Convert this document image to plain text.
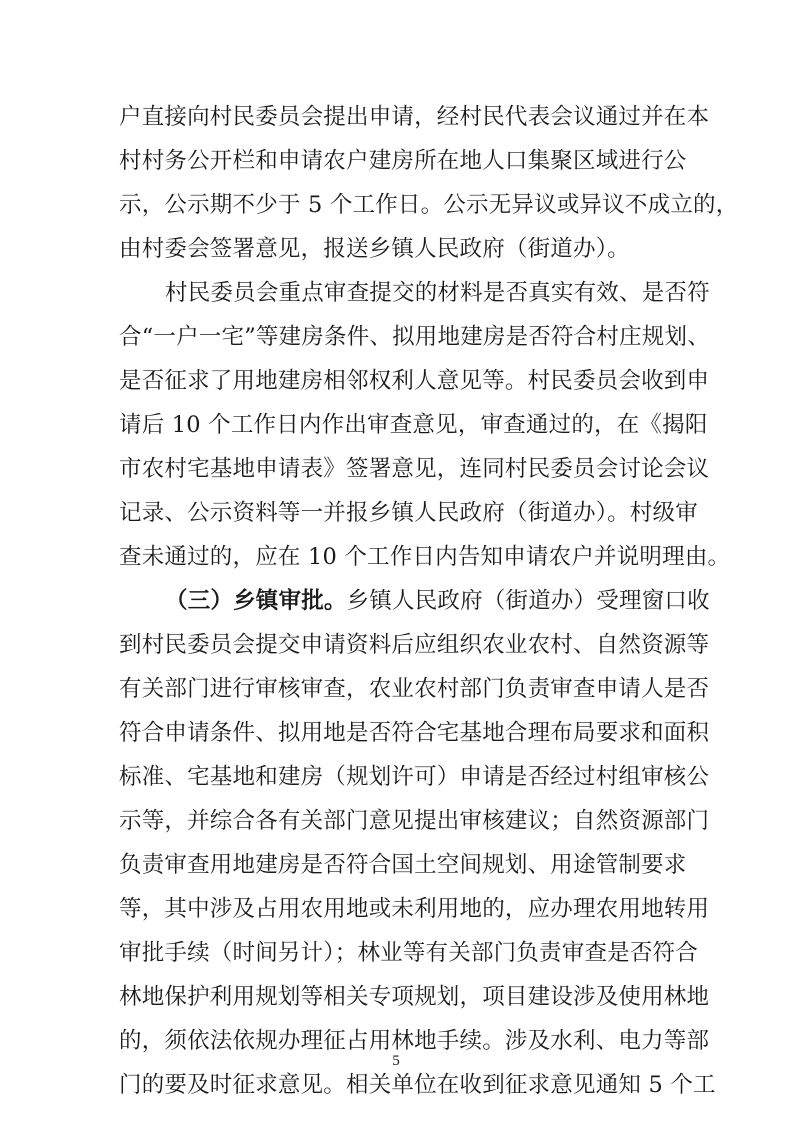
户直接向村民委员会提出申请，经村民代表会议通过并在本

村村务公开栏和申请农户建房所在地人口集聚区域进行公

示，公示期不少于 5 个工作日。公示无异议或异议不成立的，

由村委会签署意见，报送乡镇人民政府（街道办）。

村民委员会重点审查提交的材料是否真实有效、是否符

合“一户一宅”等建房条件、拟用地建房是否符合村庄规划、

是否征求了用地建房相邻权利人意见等。村民委员会收到申

请后 10 个工作日内作出审查意见，审查通过的，在《揭阳

市农村宅基地申请表》签署意见，连同村民委员会讨论会议

记录、公示资料等一并报乡镇人民政府（街道办）。村级审

查未通过的，应在 10 个工作日内告知申请农户并说明理由。

（三）乡镇审批。乡镇人民政府（街道办）受理窗口收

到村民委员会提交申请资料后应组织农业农村、自然资源等

有关部门进行审核审查，农业农村部门负责审查申请人是否

符合申请条件、拟用地是否符合宅基地合理布局要求和面积

标准、宅基地和建房（规划许可）申请是否经过村组审核公

示等，并综合各有关部门意见提出审核建议；自然资源部门

负责审查用地建房是否符合国土空间规划、用途管制要求

等，其中涉及占用农用地或未利用地的，应办理农用地转用

审批手续（时间另计）；林业等有关部门负责审查是否符合

林地保护利用规划等相关专项规划，项目建设涉及使用林地

的，须依法依规办理征占用林地手续。涉及水利、电力等部

门的要及时征求意见。相关单位在收到征求意见通知 5 个工

5
